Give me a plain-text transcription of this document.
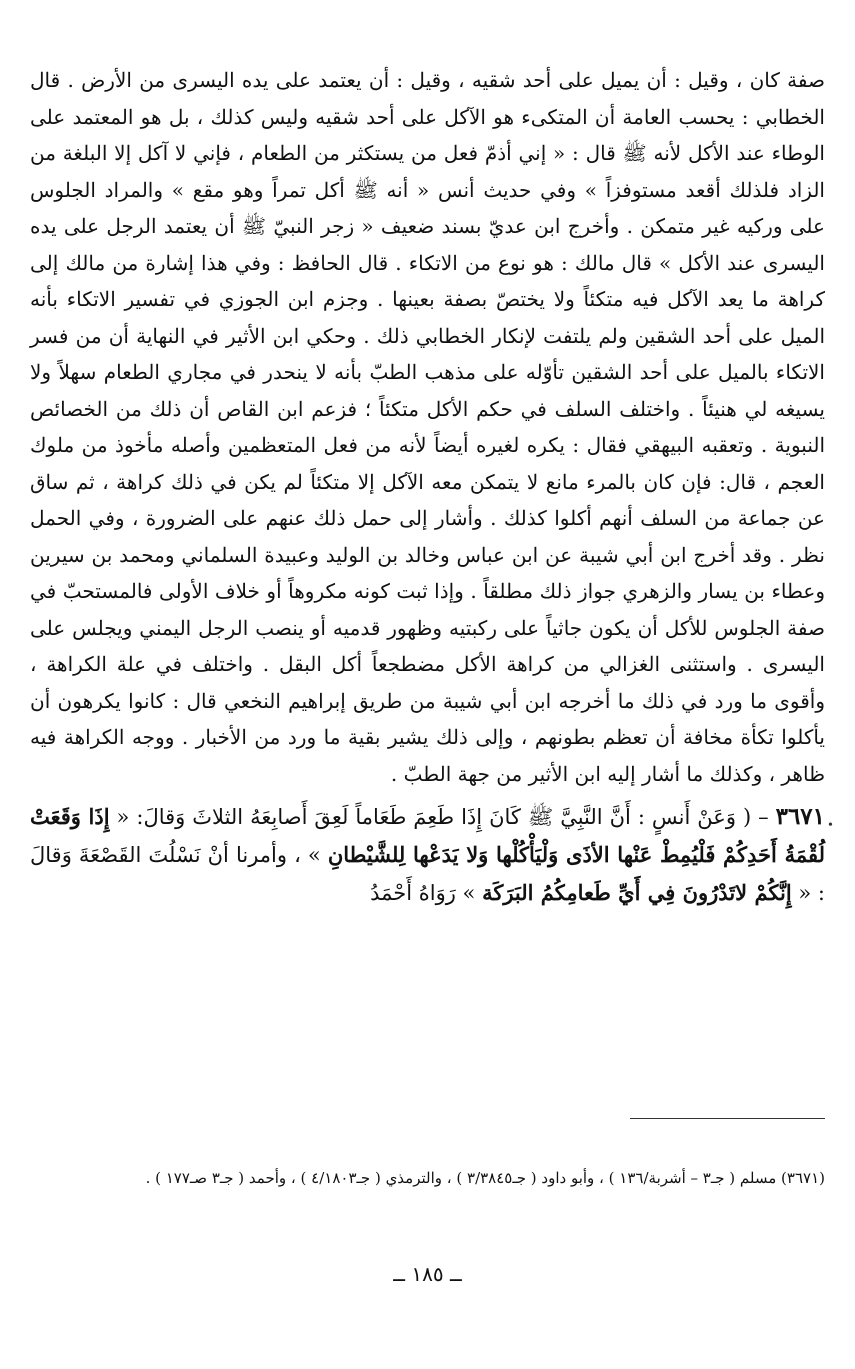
صفة كان ، وقيل : أن يميل على أحد شقيه ، وقيل : أن يعتمد على يده اليسرى من الأرض . قال الخطابي : يحسب العامة أن المتكىء هو الآكل على أحد شقيه وليس كذلك ، بل هو المعتمد على الوطاء عند الأكل لأنه ﷺ قال : « إني أذمّ فعل من يستكثر من الطعام ، فإني لا آكل إلا البلغة من الزاد فلذلك أقعد مستوفزاً » وفي حديث أنس « أنه ﷺ أكل تمراً وهو مقع » والمراد الجلوس على وركيه غير متمكن . وأخرج ابن عديّ بسند ضعيف « زجر النبيّ ﷺ أن يعتمد الرجل على يده اليسرى عند الأكل » قال مالك : هو نوع من الاتكاء . قال الحافظ : وفي هذا إشارة من مالك إلى كراهة ما يعد الآكل فيه متكئاً ولا يختصّ بصفة بعينها . وجزم ابن الجوزي في تفسير الاتكاء بأنه الميل على أحد الشقين ولم يلتفت لإنكار الخطابي ذلك . وحكي ابن الأثير في النهاية أن من فسر الاتكاء بالميل على أحد الشقين تأوّله على مذهب الطبّ بأنه لا ينحدر في مجاري الطعام سهلاً ولا يسيغه لي هنيئاً . واختلف السلف في حكم الأكل متكئاً ؛ فزعم ابن القاص أن ذلك من الخصائص النبوية . وتعقبه البيهقي فقال : يكره لغيره أيضاً لأنه من فعل المتعظمين وأصله مأخوذ من ملوك العجم ، قال: فإن كان بالمرء مانع لا يتمكن معه الآكل إلا متكئاً لم يكن في ذلك كراهة ، ثم ساق عن جماعة من السلف أنهم أكلوا كذلك . وأشار إلى حمل ذلك عنهم على الضرورة ، وفي الحمل نظر . وقد أخرج ابن أبي شيبة عن ابن عباس وخالد بن الوليد وعبيدة السلماني ومحمد بن سيرين وعطاء بن يسار والزهري جواز ذلك مطلقاً . وإذا ثبت كونه مكروهاً أو خلاف الأولى فالمستحبّ في صفة الجلوس للأكل أن يكون جاثياً على ركبتيه وظهور قدميه أو ينصب الرجل اليمني ويجلس على اليسرى . واستثنى الغزالي من كراهة الأكل مضطجعاً أكل البقل . واختلف في علة الكراهة ، وأقوى ما ورد في ذلك ما أخرجه ابن أبي شيبة من طريق إبراهيم النخعي قال : كانوا يكرهون أن يأكلوا تكأة مخافة أن تعظم بطونهم ، وإلى ذلك يشير بقية ما ورد من الأخبار . ووجه الكراهة فيه ظاهر ، وكذلك ما أشار إليه ابن الأثير من جهة الطبّ .

٣٦٧١ – ( وَعَنْ أَنسٍ : أَنَّ النَّبِيَّ ﷺ كَانَ إِذَا طَعِمَ طَعَاماً لَعِقَ أَصابِعَهُ الثلاثَ وَقالَ: « إِذَا وَقَعَتْ لُقْمَةُ أَحَدِكُمْ فَلْيُمِطْ عَنْها الأذَى وَلْيَأْكُلْها وَلا يَدَعْها لِلشَّيْطانِ » ، وأمرنا أنْ نَسْلُتَ القَصْعَةَ وَقالَ : « إِنَّكُمْ لاتَدْرُونَ فِي أَيِّ طَعامِكُمُ البَرَكَة » رَوَاهُ أَحْمَدُ
•

(٣٦٧١) مسلم ( جـ٣ – أشربة/١٣٦ ) ، وأبو داود ( جـ٣/٣٨٤٥ ) ، والترمذي ( جـ٤/١٨٠٣ ) ، وأحمد ( جـ٣ صـ١٧٧ ) .

ــ ١٨٥ ــ
